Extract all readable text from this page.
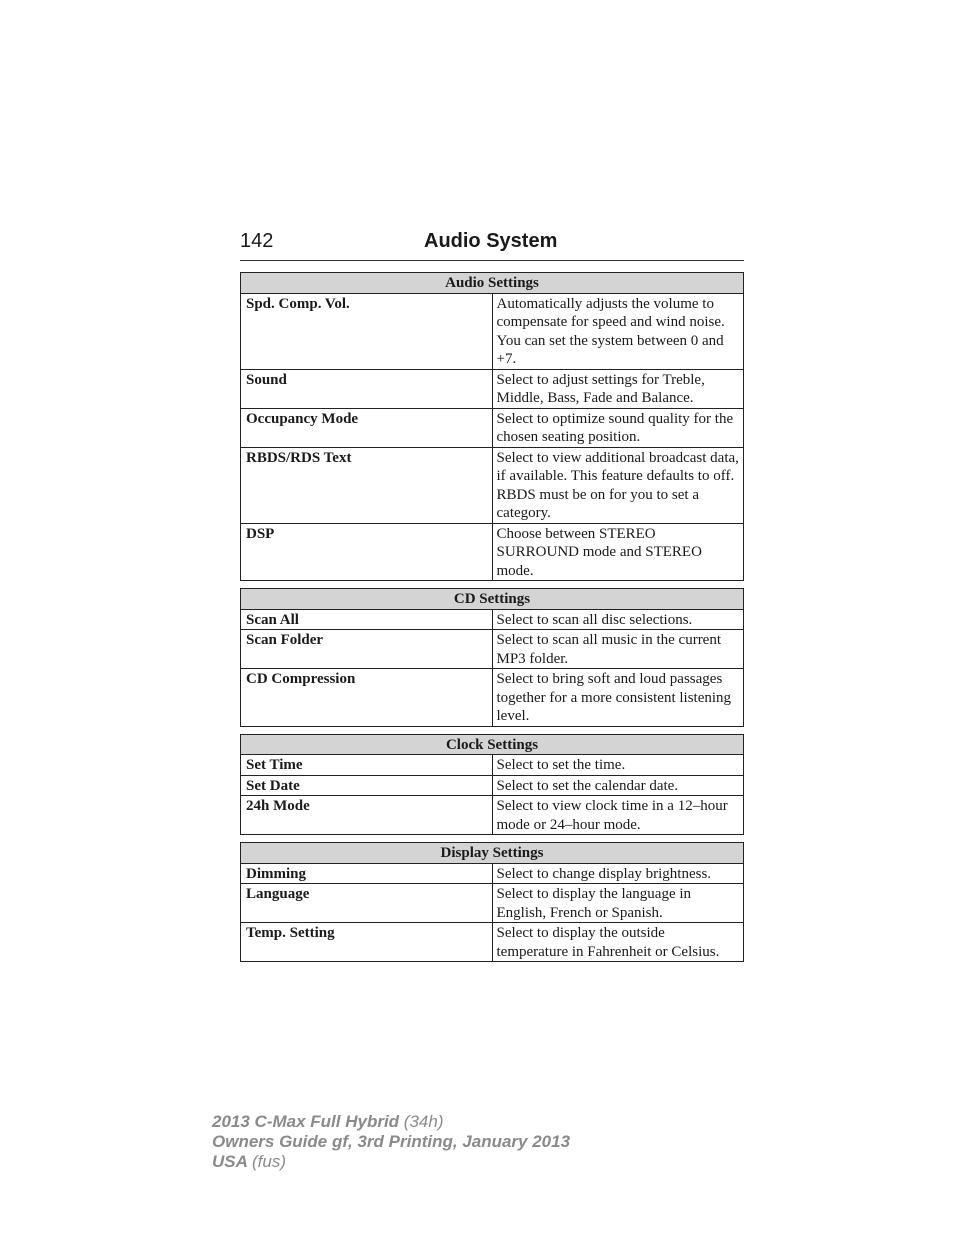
142	Audio System
Audio Settings	
Spd. Comp. Vol.	Automatically adjusts the volume to compensate for speed and wind noise.
You can set the system between 0 and +7.

Sound	Select to adjust settings for Treble, Middle, Bass, Fade and Balance.
Occupancy Mode	Select to optimize sound quality for the chosen seating position.
RBDS/RDS Text	Select to view additional broadcast data, if available. This feature defaults to off. RBDS must be on for you to set a category.
DSP	Choose between STEREO SURROUND mode and STEREO mode.
CD Settings	
Scan All	Select to scan all disc selections.
Scan Folder	Select to scan all music in the current MP3 folder.
CD Compression	Select to bring soft and loud passages together for a more consistent listening level.
Clock Settings	
Set Time	Select to set the time.
Set Date	Select to set the calendar date.
24h Mode	Select to view clock time in a 12–hour mode or 24–hour mode.
Display Settings	
Dimming	Select to change display brightness.
Language	Select to display the language in English, French or Spanish.
Temp. Setting	Select to display the outside temperature in Fahrenheit or Celsius.
2013 C-Max Full Hybrid (34h)
Owners Guide gf, 3rd Printing, January 2013
USA (fus)
